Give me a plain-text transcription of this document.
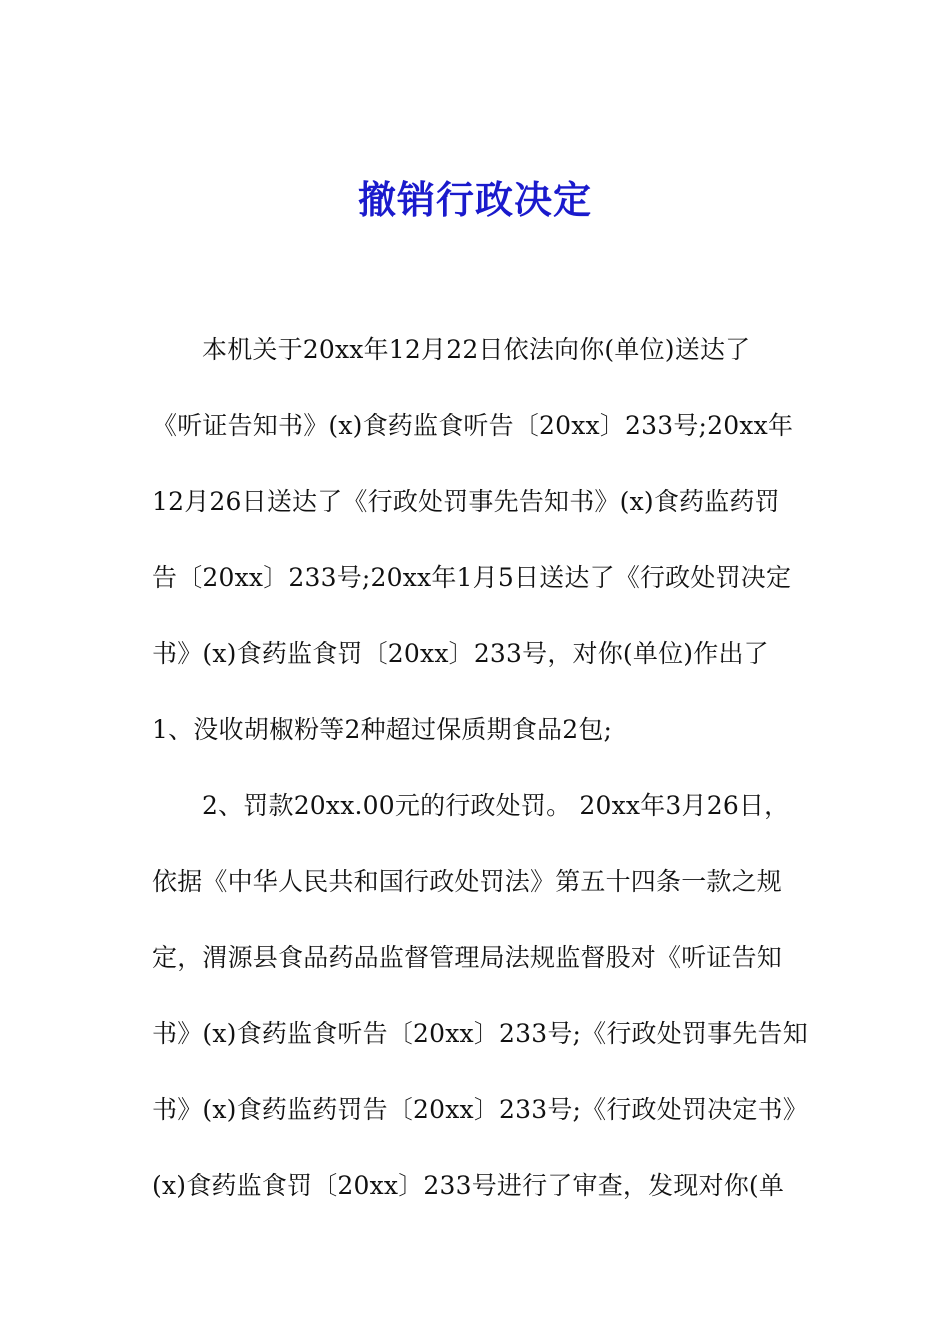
撤销行政决定
本机关于20xx年12月22日依法向你(单位)送达了
《听证告知书》(x)食药监食听告〔20xx〕233号;20xx年
12月26日送达了《行政处罚事先告知书》(x)食药监药罚
告〔20xx〕233号;20xx年1月5日送达了《行政处罚决定
书》(x)食药监食罚〔20xx〕233号，对你(单位)作出了
1、没收胡椒粉等2种超过保质期食品2包;
2、罚款20xx.00元的行政处罚。 20xx年3月26日，
依据《中华人民共和国行政处罚法》第五十四条一款之规
定，渭源县食品药品监督管理局法规监督股对《听证告知
书》(x)食药监食听告〔20xx〕233号;《行政处罚事先告知
书》(x)食药监药罚告〔20xx〕233号;《行政处罚决定书》
(x)食药监食罚〔20xx〕233号进行了审查，发现对你(单
